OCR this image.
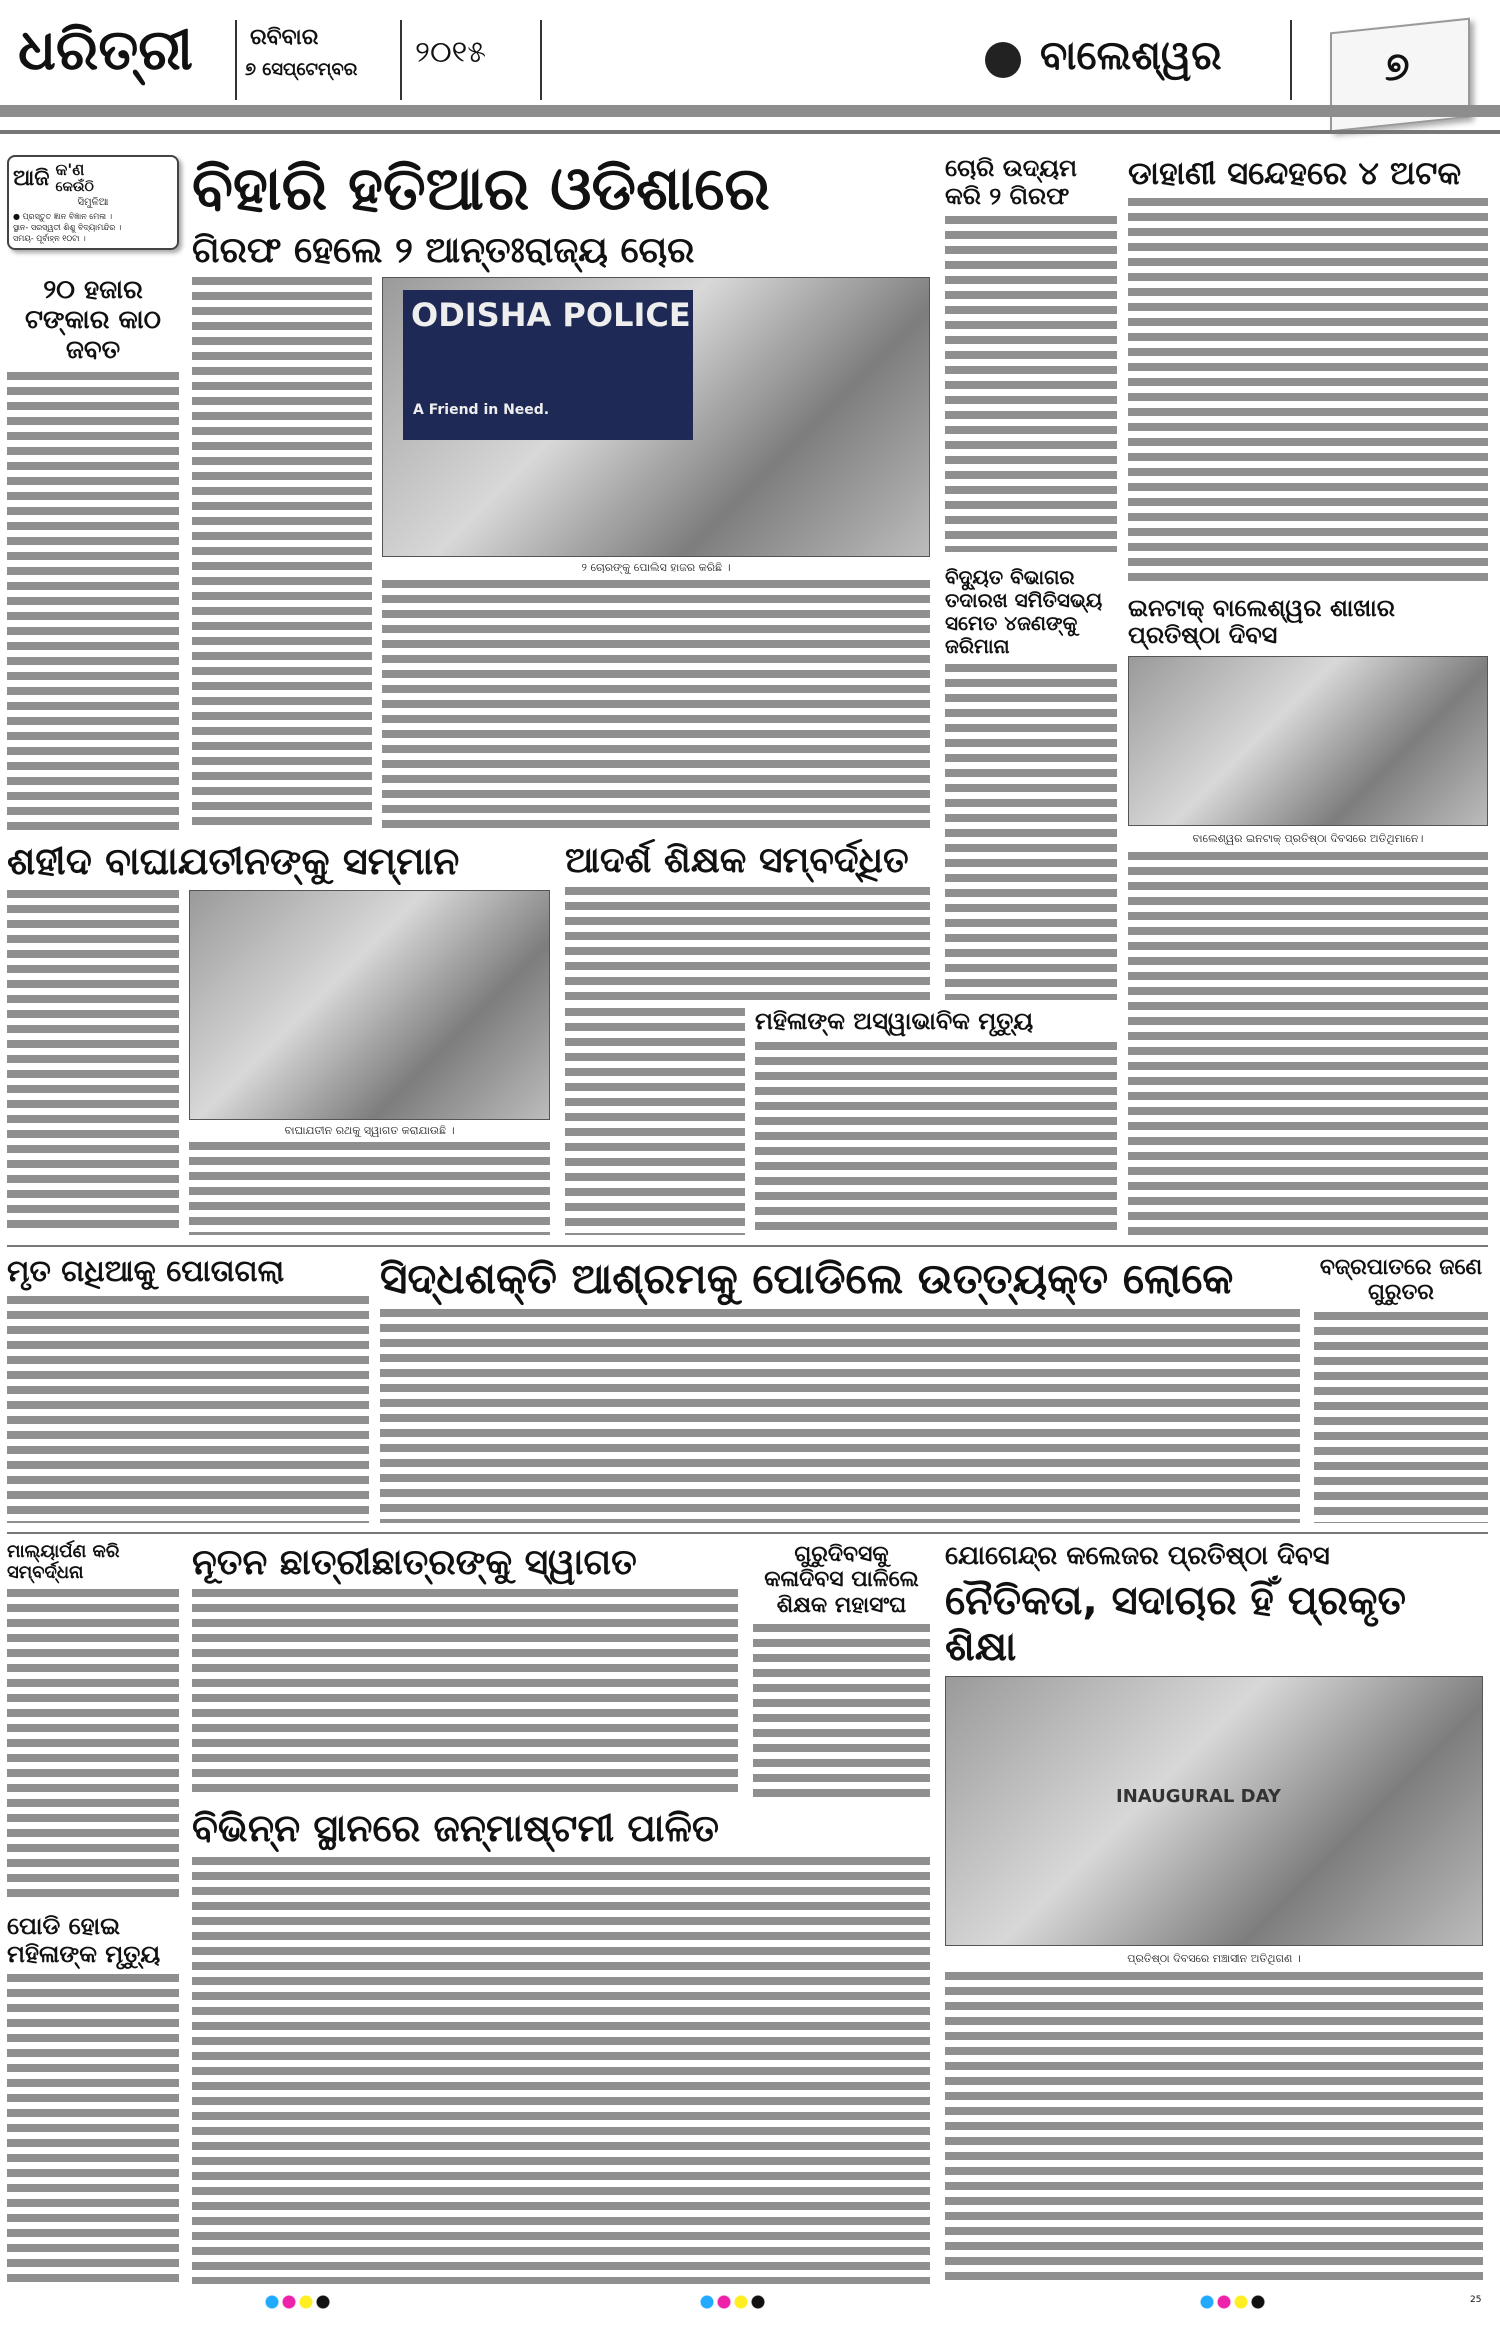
ଧରିତ୍ରୀ	ରବିବାର
୭ ସେପ୍ଟେମ୍ବର ୨୦୧୫	ବାଲେଶ୍ୱର	୭
ଆଜି କ'ଣ
କେଉଁଠି
ସିମୁଳିଆ
● ପ୍ରସ୍ତୁତ ଜ୍ଞାନ ବିଜ୍ଞାନ ମେଳା ।
ସ୍ଥାନ- ସରସ୍ୱତୀ ଶିଶୁ ବିଦ୍ୟାମନ୍ଦିର ।
ସମୟ- ପୂର୍ବାହ୍ନ ୧୦ଟା ।
୨୦ ହଜାର ଟଙ୍କାର କାଠ ଜବତ
ବିହାରି ହତିଆର ଓଡିଶାରେ
ଗିରଫ ହେଲେ ୨ ଆନ୍ତଃରାଜ୍ୟ ଚୋର
ODISHA POLICE
A Friend in Need.
୨ ଚୋରଙ୍କୁ ପୋଲିସ ହାଜର କରିଛି ।
ଚୋରି ଉଦ୍ୟମ କରି ୨ ଗିରଫ
ବିଦ୍ୟୁତ ବିଭାଗର ତଦାରଖ ସମିତିସଭ୍ୟ ସମେତ ୪ଜଣଙ୍କୁ ଜରିମାନା
ଡାହାଣୀ ସନ୍ଦେହରେ ୪ ଅଟକ
ଇନଟାକ୍ ବାଲେଶ୍ୱର ଶାଖାର ପ୍ରତିଷ୍ଠା ଦିବସ
ବାଲେଶ୍ୱର ଇନଟାକ୍ ପ୍ରତିଷ୍ଠା ଦିବସରେ ଅତିଥିମାନେ।
ଶହୀଦ ବାଘାଯତୀନଙ୍କୁ ସମ୍ମାନ
ବାଘାଯତୀନ ରଥକୁ ସ୍ୱାଗତ କରାଯାଉଛି ।
ଆଦର୍ଶ ଶିକ୍ଷକ ସମ୍ବର୍ଦ୍ଧିତ
ମହିଳାଙ୍କ ଅସ୍ୱାଭାବିକ ମୃତ୍ୟୁ
ମୃତ ଗଧିଆକୁ ପୋତାଗଲା	ସିଦ୍ଧଶକ୍ତି ଆଶ୍ରମକୁ ପୋଡିଲେ ଉତ୍ତ୍ୟକ୍ତ ଲୋକେ	ବଜ୍ରପାତରେ ଜଣେ ଗୁରୁତର
ମାଲ୍ୟାର୍ପଣ କରି ସମ୍ବର୍ଦ୍ଧନା
ପୋଡି ହୋଇ ମହିଳାଙ୍କ ମୃତ୍ୟୁ
ନୂତନ ଛାତ୍ରୀଛାତ୍ରଙ୍କୁ ସ୍ୱାଗତ	ଗୁରୁଦିବସକୁ କଳାଦିବସ ପାଳିଲେ ଶିକ୍ଷକ ମହାସଂଘ
ବିଭିନ୍ନ ସ୍ଥାନରେ ଜନ୍ମାଷ୍ଟମୀ ପାଳିତ
ଯୋଗେନ୍ଦ୍ର କଲେଜର ପ୍ରତିଷ୍ଠା ଦିବସ
ନୈତିକତା, ସଦାଚାର ହିଁ ପ୍ରକୃତ ଶିକ୍ଷା
INAUGURAL DAY
ପ୍ରତିଷ୍ଠା ଦିବସରେ ମଞ୍ଚାସୀନ ଅତିଥିଗଣ ।
25
